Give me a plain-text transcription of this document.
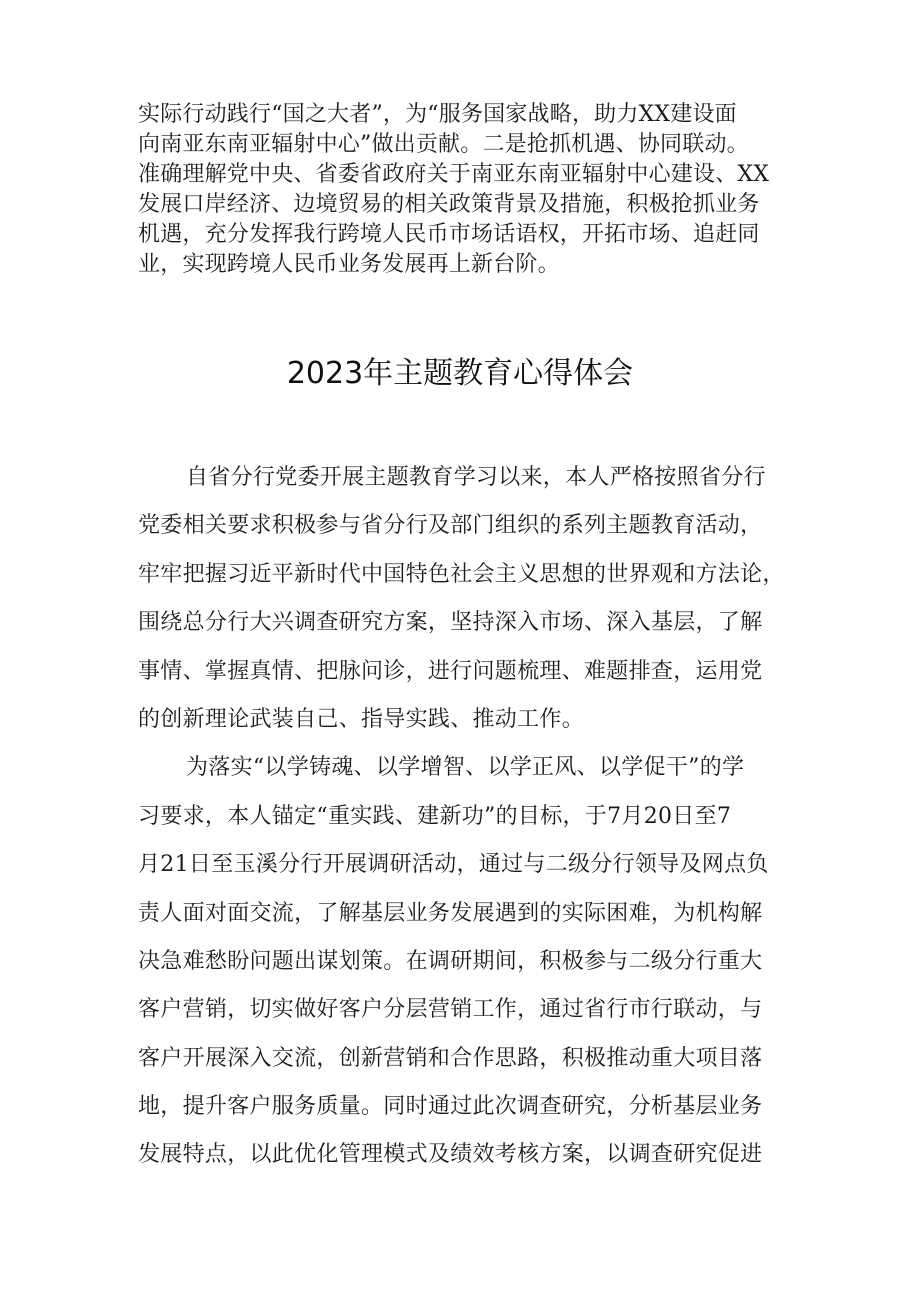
实际行动践行“国之大者”，为“服务国家战略，助力XX建设面
向南亚东南亚辐射中心”做出贡献。二是抢抓机遇、协同联动。
准确理解党中央、省委省政府关于南亚东南亚辐射中心建设、XX
发展口岸经济、边境贸易的相关政策背景及措施，积极抢抓业务
机遇，充分发挥我行跨境人民币市场话语权，开拓市场、追赶同
业，实现跨境人民币业务发展再上新台阶。
2023年主题教育心得体会
自省分行党委开展主题教育学习以来，本人严格按照省分行
党委相关要求积极参与省分行及部门组织的系列主题教育活动，
牢牢把握习近平新时代中国特色社会主义思想的世界观和方法论，
围绕总分行大兴调查研究方案，坚持深入市场、深入基层，了解
事情、掌握真情、把脉问诊，进行问题梳理、难题排查，运用党
的创新理论武装自己、指导实践、推动工作。
为落实“以学铸魂、以学增智、以学正风、以学促干”的学
习要求，本人锚定“重实践、建新功”的目标，于7月20日至7
月21日至玉溪分行开展调研活动，通过与二级分行领导及网点负
责人面对面交流，了解基层业务发展遇到的实际困难，为机构解
决急难愁盼问题出谋划策。在调研期间，积极参与二级分行重大
客户营销，切实做好客户分层营销工作，通过省行市行联动，与
客户开展深入交流，创新营销和合作思路，积极推动重大项目落
地，提升客户服务质量。同时通过此次调查研究，分析基层业务
发展特点，以此优化管理模式及绩效考核方案，以调查研究促进
